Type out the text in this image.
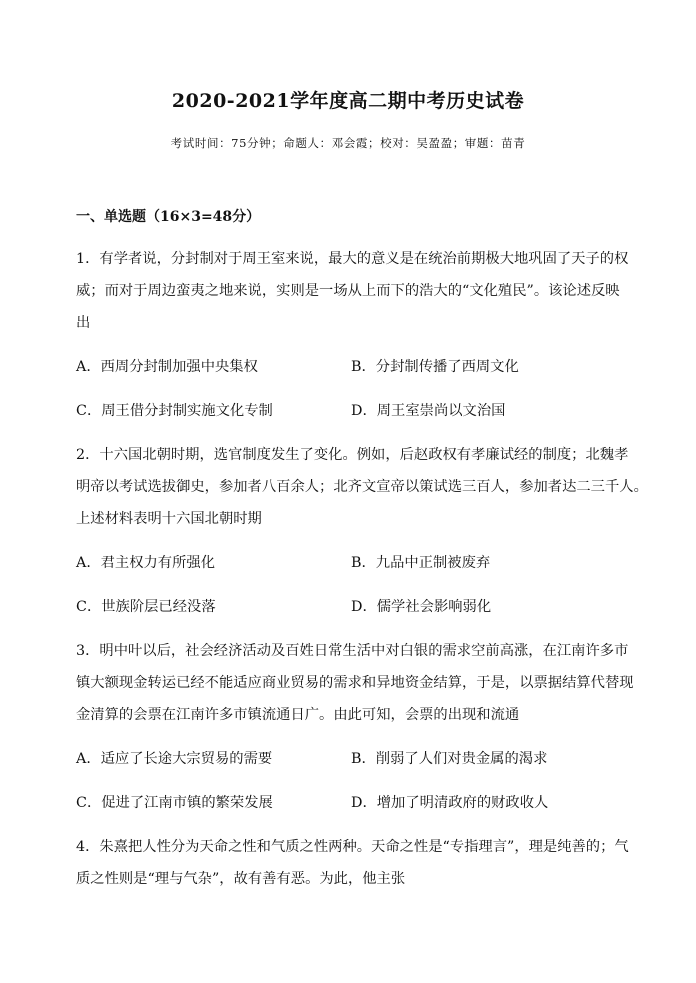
2020-2021学年度高二期中考历史试卷
考试时间：75分钟；命题人：邓会霞；校对：吴盈盈；审题：苗青
一、单选题（16×3=48分）
1．有学者说，分封制对于周王室来说，最大的意义是在统治前期极大地巩固了天子的权
威；而对于周边蛮夷之地来说，实则是一场从上而下的浩大的“文化殖民”。该论述反映
出
A．西周分封制加强中央集权	B．分封制传播了西周文化
C．周王借分封制实施文化专制	D．周王室崇尚以文治国
2．十六国北朝时期，选官制度发生了变化。例如，后赵政权有孝廉试经的制度；北魏孝
明帝以考试选拔御史，参加者八百余人；北齐文宣帝以策试选三百人，参加者达二三千人。
上述材料表明十六国北朝时期
A．君主权力有所强化	B．九品中正制被废弃
C．世族阶层已经没落	D．儒学社会影响弱化
3．明中叶以后，社会经济活动及百姓日常生活中对白银的需求空前高涨，在江南许多市
镇大额现金转运已经不能适应商业贸易的需求和异地资金结算，于是，以票据结算代替现
金清算的会票在江南许多市镇流通日广。由此可知，会票的出现和流通
A．适应了长途大宗贸易的需要	B．削弱了人们对贵金属的渴求
C．促进了江南市镇的繁荣发展	D．增加了明清政府的财政收人
4．朱熹把人性分为天命之性和气质之性两种。天命之性是“专指理言”，理是纯善的；气
质之性则是“理与气杂”，故有善有恶。为此，他主张
